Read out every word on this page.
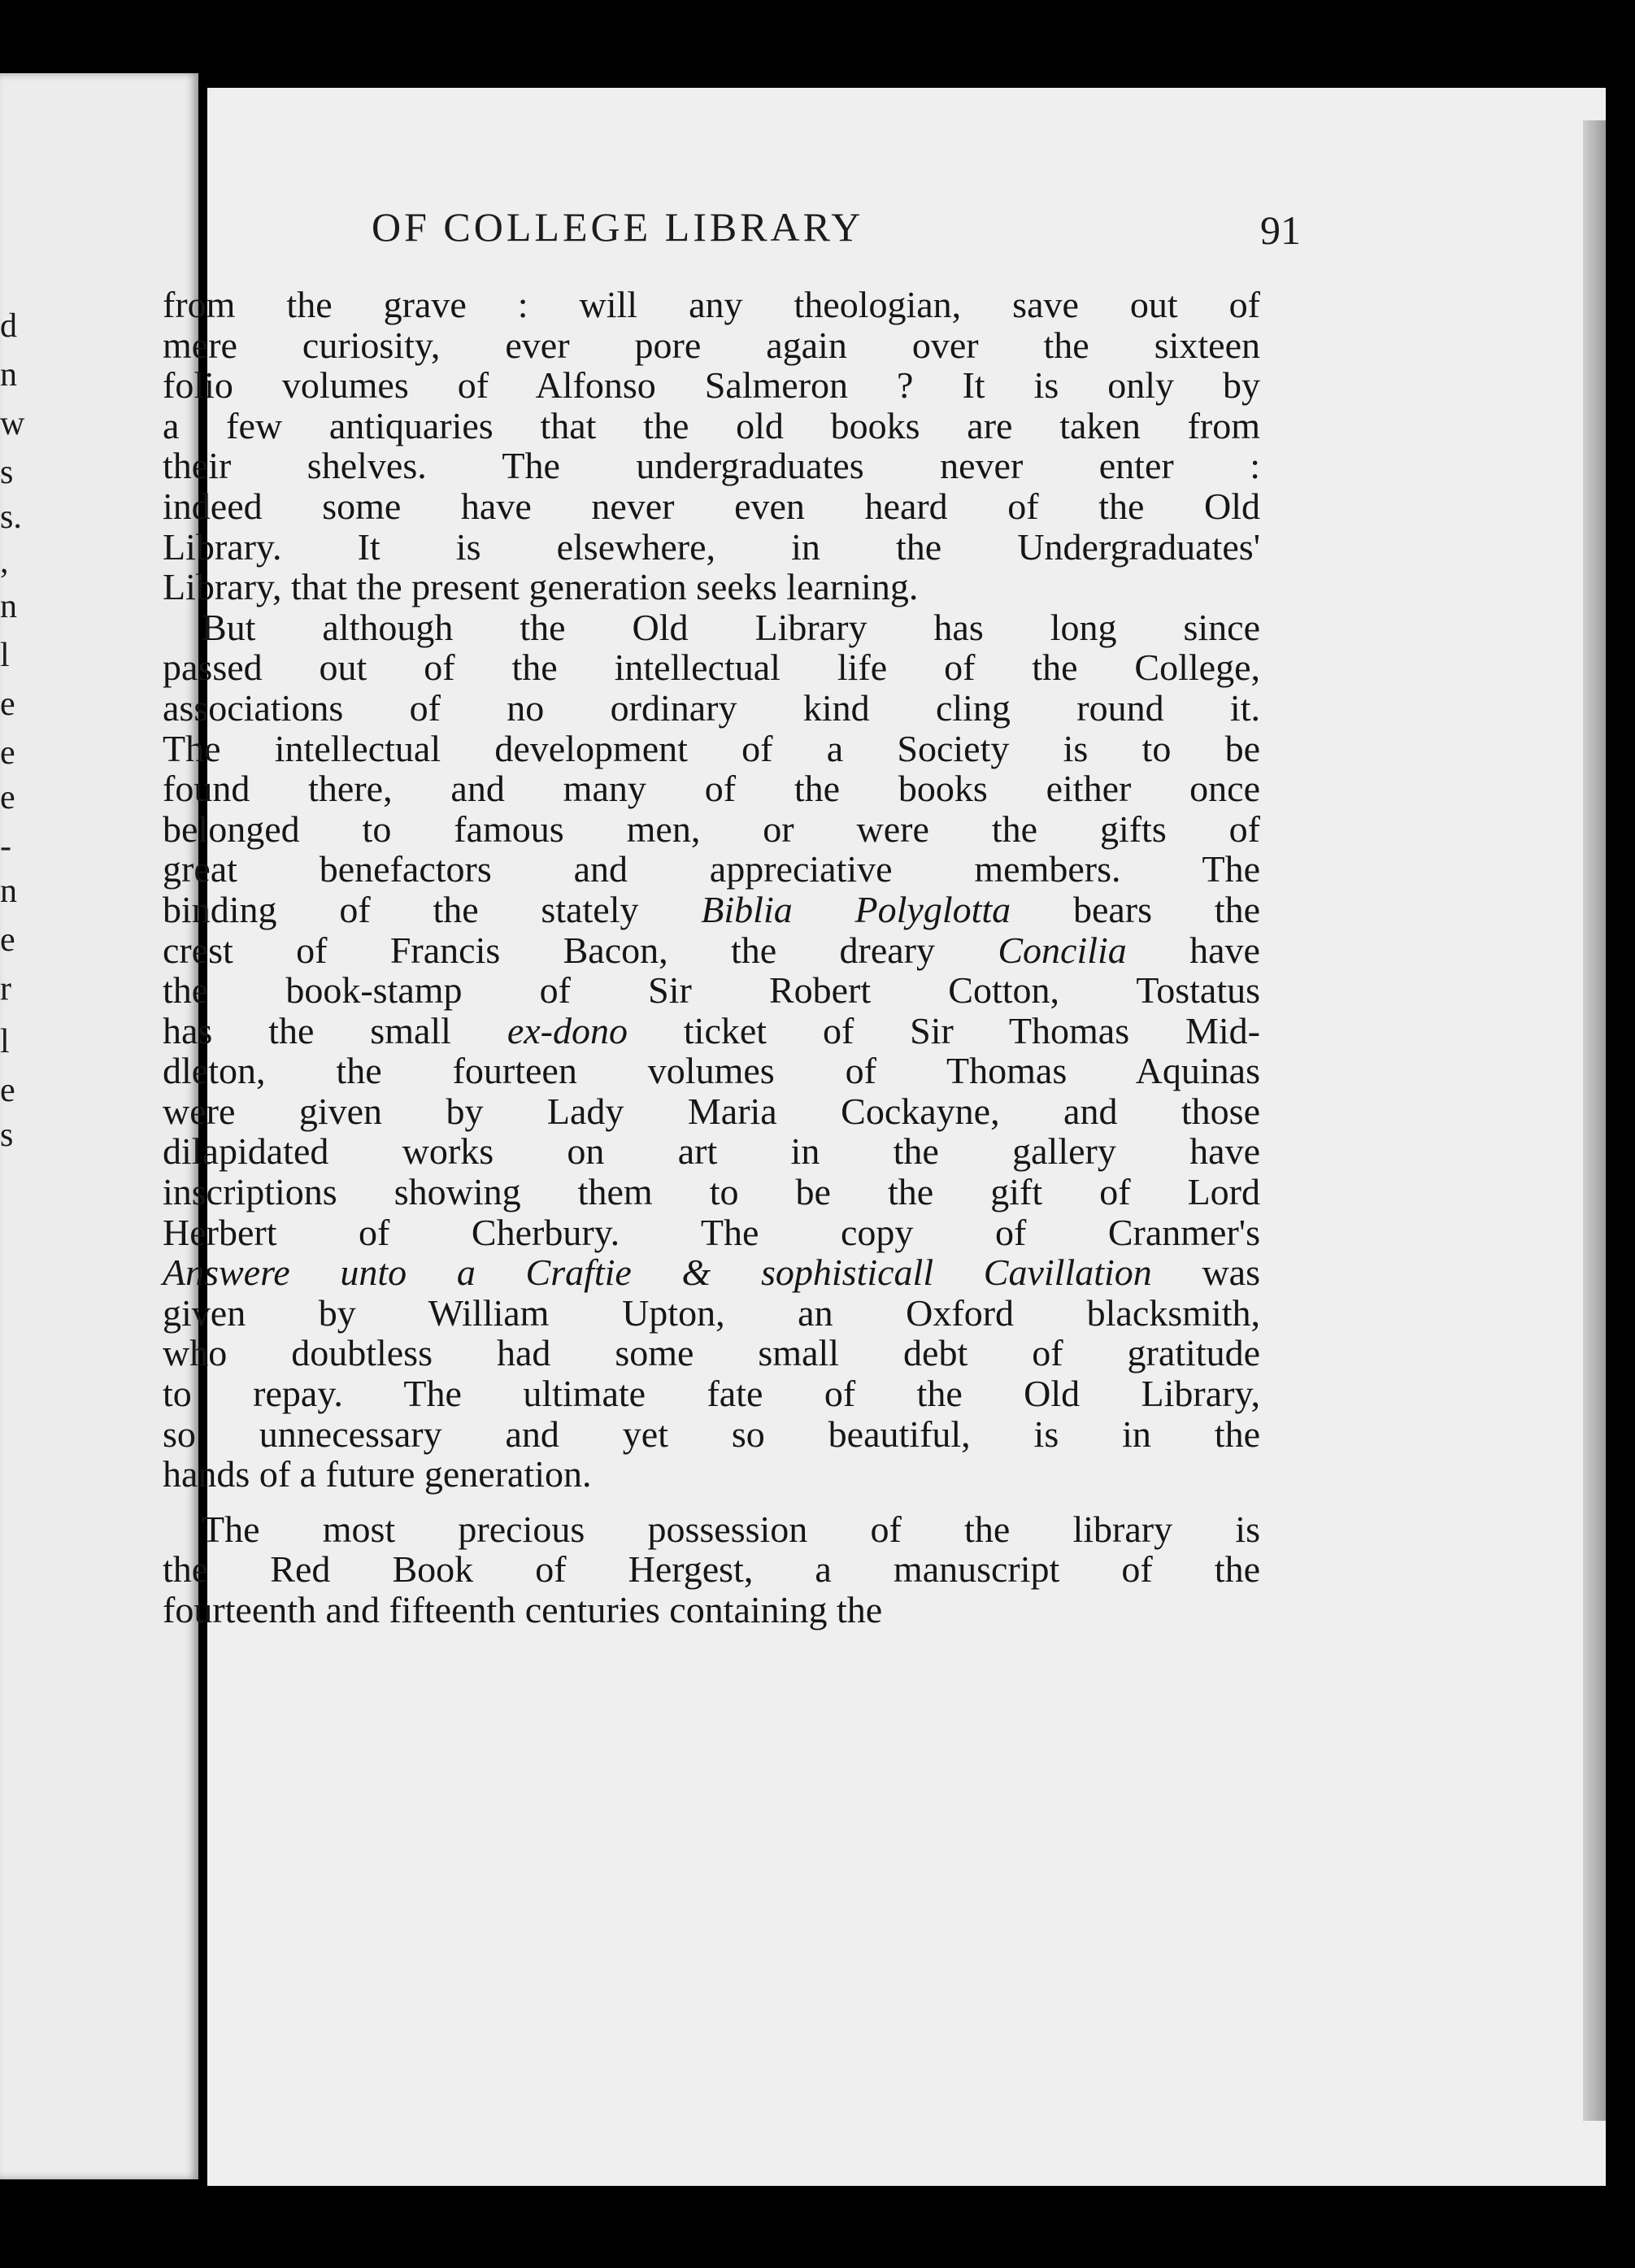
d
n
w
s
s.
,
n
l
e
e
e
-
n
e
r
l
e
s
OF COLLEGE LIBRARY	91
from the grave : will any theologian, save out of
mere curiosity, ever pore again over the sixteen
folio volumes of Alfonso Salmeron ? It is only by
a few antiquaries that the old books are taken from
their shelves. The undergraduates never enter :
indeed some have never even heard of the Old
Library. It is elsewhere, in the Undergraduates'
Library, that the present generation seeks learning.
But although the Old Library has long since
passed out of the intellectual life of the College,
associations of no ordinary kind cling round it.
The intellectual development of a Society is to be
found there, and many of the books either once
belonged to famous men, or were the gifts of
great benefactors and appreciative members. The
binding of the stately Biblia Polyglotta bears the
crest of Francis Bacon, the dreary Concilia have
the book-stamp of Sir Robert Cotton, Tostatus
has the small ex-dono ticket of Sir Thomas Mid-
dleton, the fourteen volumes of Thomas Aquinas
were given by Lady Maria Cockayne, and those
dilapidated works on art in the gallery have
inscriptions showing them to be the gift of Lord
Herbert of Cherbury. The copy of Cranmer's
Answere unto a Craftie & sophisticall Cavillation was
given by William Upton, an Oxford blacksmith,
who doubtless had some small debt of gratitude
to repay. The ultimate fate of the Old Library,
so unnecessary and yet so beautiful, is in the
hands of a future generation.
The most precious possession of the library is
the Red Book of Hergest, a manuscript of the
fourteenth and fifteenth centuries containing the
